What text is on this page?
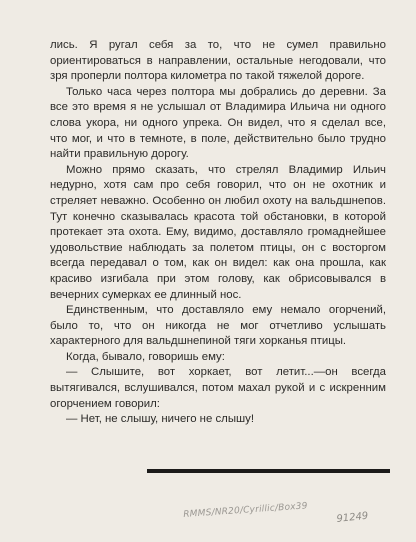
лись. Я ругал себя за то, что не сумел правильно ориентироваться в направлении, остальные негодовали, что зря проперли полтора километра по такой тяжелой дороге.

Только часа через полтора мы добрались до деревни. За все это время я не услышал от Владимира Ильича ни одного слова укора, ни одного упрека. Он видел, что я сделал все, что мог, и что в темноте, в поле, действительно было трудно найти правильную дорогу.

Можно прямо сказать, что стрелял Владимир Ильич недурно, хотя сам про себя говорил, что он не охотник и стреляет неважно. Особенно он любил охоту на вальдшнепов. Тут конечно сказывалась красота той обстановки, в которой протекает эта охота. Ему, видимо, доставляло громаднейшее удовольствие наблюдать за полетом птицы, он с восторгом всегда передавал о том, как он видел: как она прошла, как красиво изгибала при этом голову, как обрисовывался в вечерних сумерках ее длинный нос.

Единственным, что доставляло ему немало огорчений, было то, что он никогда не мог отчетливо услышать характерного для вальдшнепиной тяги хорканья птицы.

Когда, бывало, говоришь ему:

— Слышите, вот хоркает, вот летит...—он всегда вытягивался, вслушивался, потом махал рукой и с искренним огорчением говорил:

— Нет, не слышу, ничего не слышу!

RMMS/NR20/Cyrillic/Box39	91249
